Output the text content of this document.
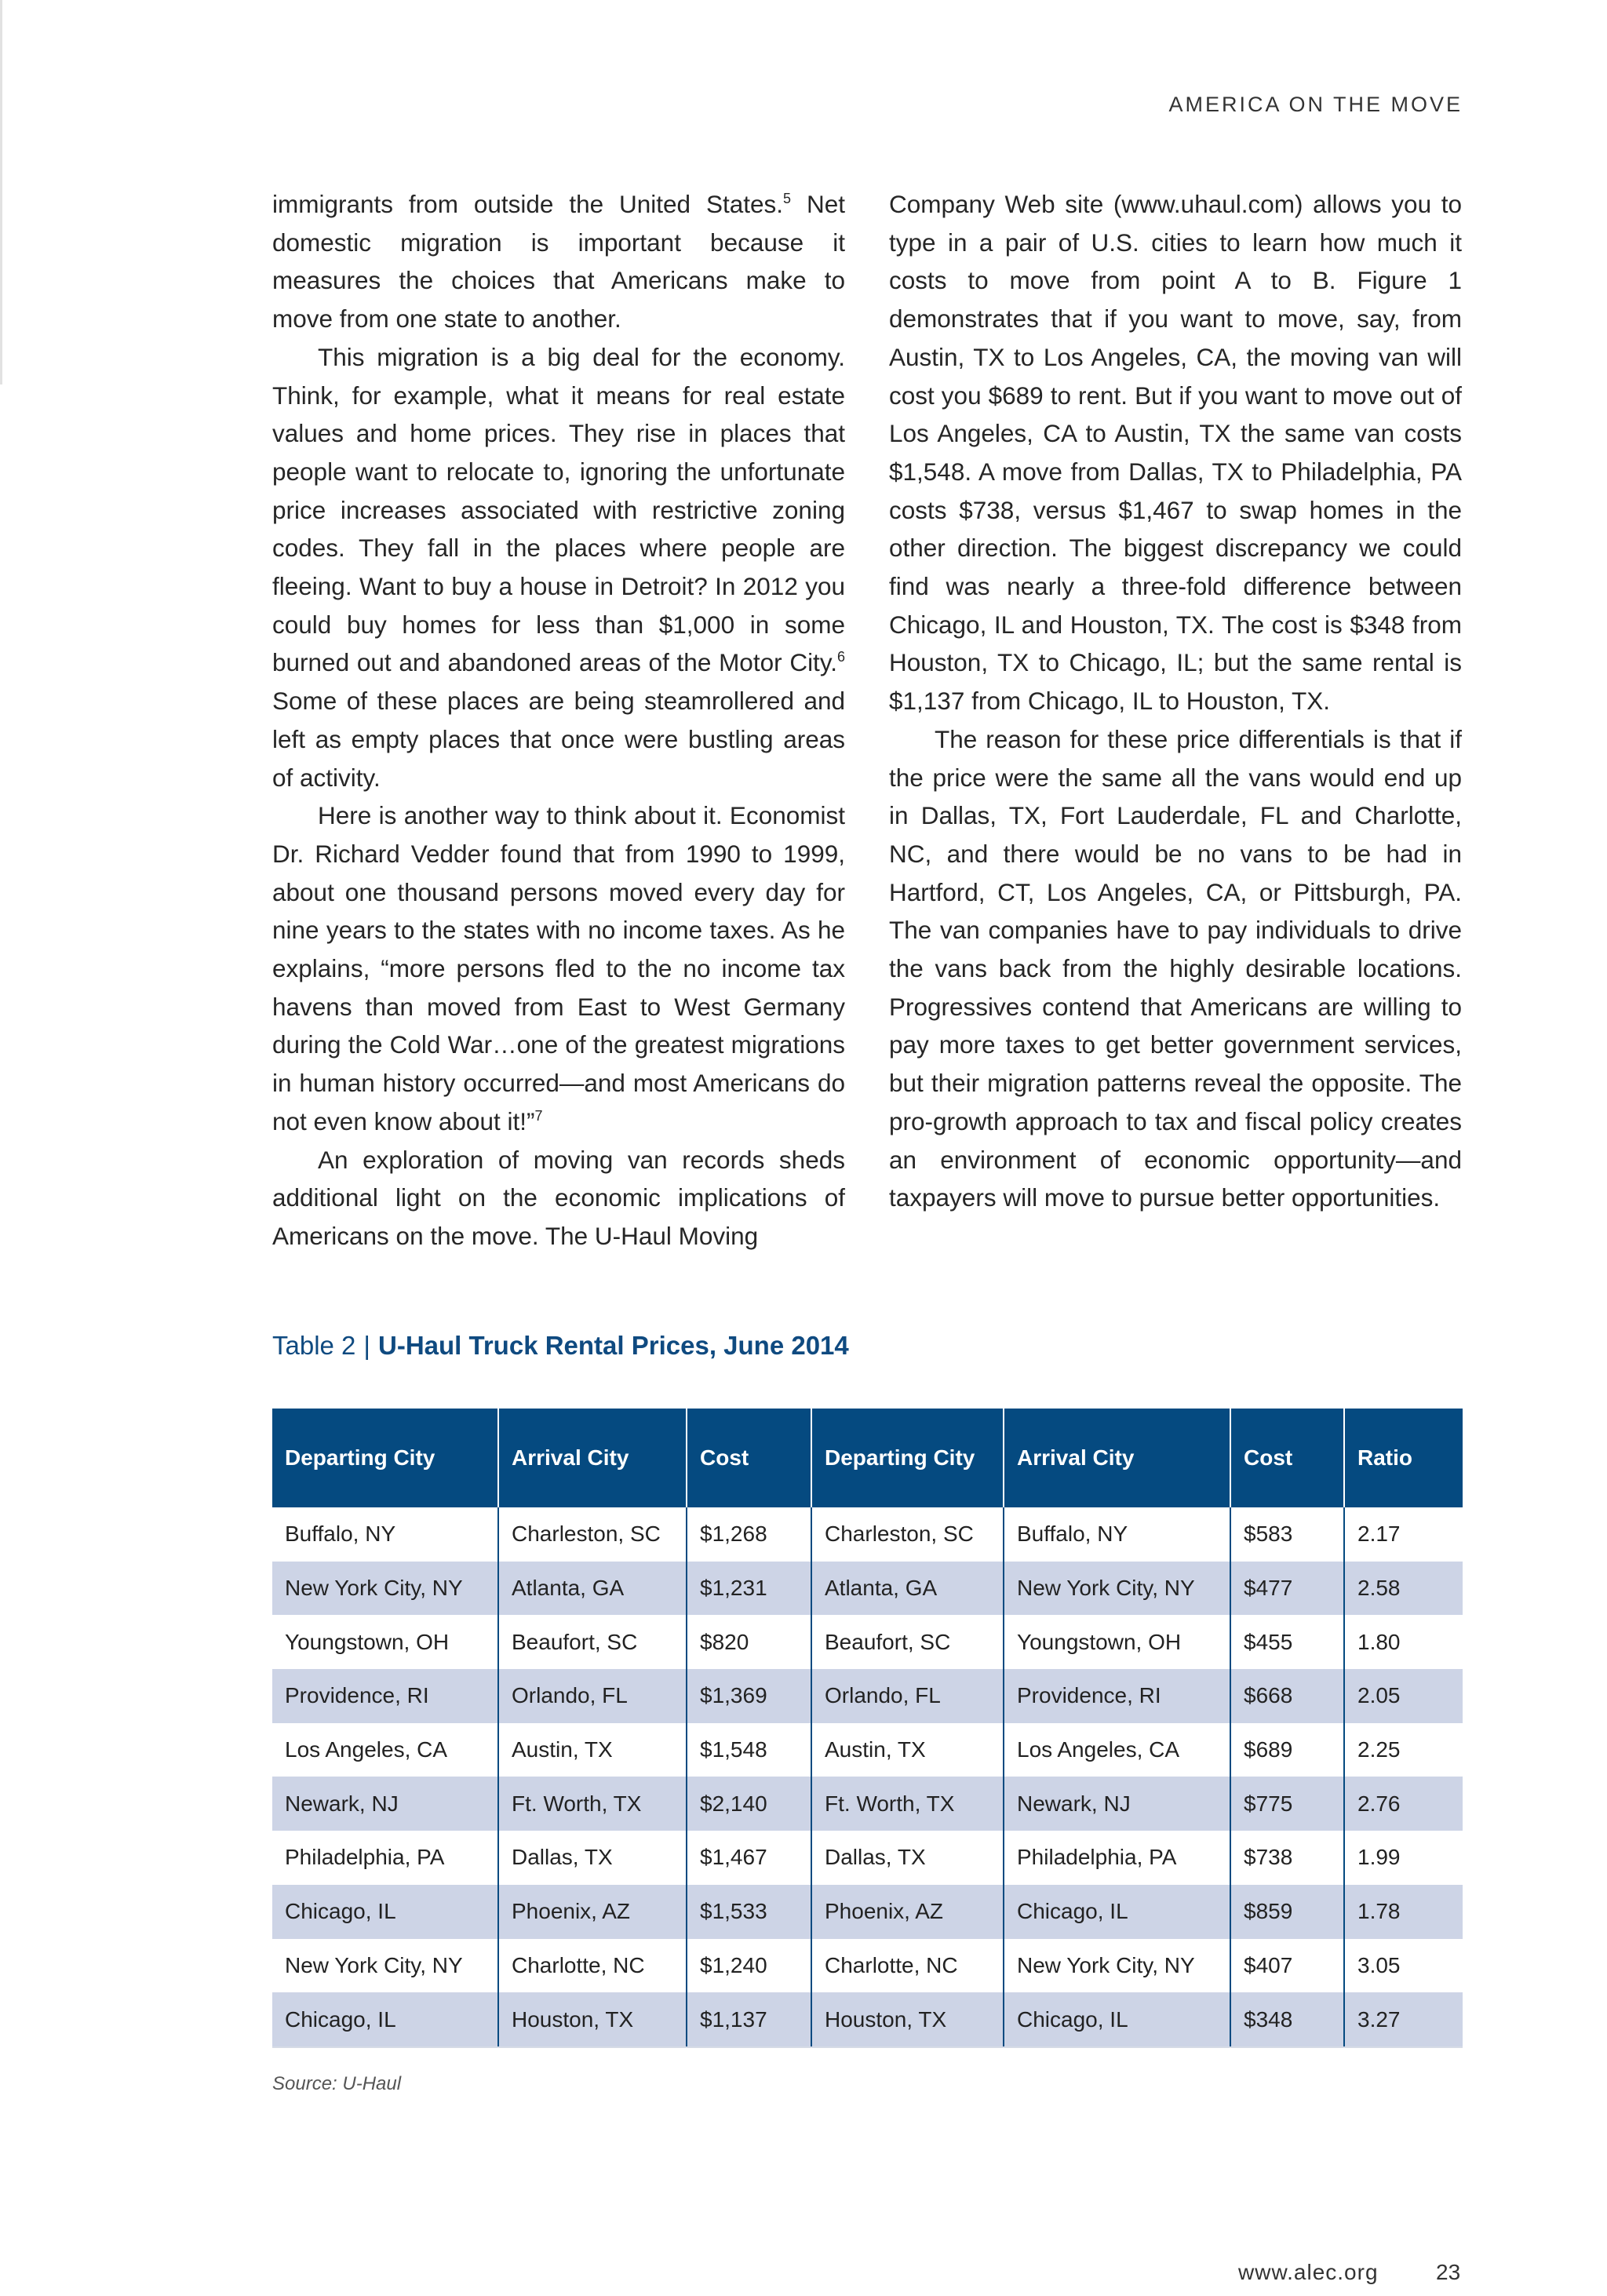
AMERICA ON THE MOVE

immigrants from outside the United States.$^5$ Net domestic migration is important because it measures the choices that Americans make to move from one state to another.

This migration is a big deal for the economy. Think, for example, what it means for real estate values and home prices. They rise in places that people want to relocate to, ignoring the unfortunate price increases associated with restrictive zoning codes. They fall in the places where people are fleeing. Want to buy a house in Detroit? In 2012 you could buy homes for less than $1,000 in some burned out and abandoned areas of the Motor City.$^6$ Some of these places are being steamrollered and left as empty places that once were bustling areas of activity.

Here is another way to think about it. Economist Dr. Richard Vedder found that from 1990 to 1999, about one thousand persons moved every day for nine years to the states with no income taxes. As he explains, “more persons fled to the no income tax havens than moved from East to West Germany during the Cold War…one of the greatest migrations in human history occurred—and most Americans do not even know about it!”$^7$

An exploration of moving van records sheds additional light on the economic implications of Americans on the move. The U-Haul Moving

Company Web site (www.uhaul.com) allows you to type in a pair of U.S. cities to learn how much it costs to move from point A to B. Figure 1 demonstrates that if you want to move, say, from Austin, TX to Los Angeles, CA, the moving van will cost you $689 to rent. But if you want to move out of Los Angeles, CA to Austin, TX the same van costs $1,548. A move from Dallas, TX to Philadelphia, PA costs $738, versus $1,467 to swap homes in the other direction. The biggest discrepancy we could find was nearly a three-fold difference between Chicago, IL and Houston, TX. The cost is $348 from Houston, TX to Chicago, IL; but the same rental is $1,137 from Chicago, IL to Houston, TX.

The reason for these price differentials is that if the price were the same all the vans would end up in Dallas, TX, Fort Lauderdale, FL and Charlotte, NC, and there would be no vans to be had in Hartford, CT, Los Angeles, CA, or Pittsburgh, PA. The van companies have to pay individuals to drive the vans back from the highly desirable locations. Progressives contend that Americans are willing to pay more taxes to get better government services, but their migration patterns reveal the opposite. The pro-growth approach to tax and fiscal policy creates an environment of economic opportunity—and taxpayers will move to pursue better opportunities.

Table 2 | U-Haul Truck Rental Prices, June 2014
Departing City	Arrival City	Cost	Departing City	Arrival City	Cost	Ratio
Buffalo, NY	Charleston, SC	$1,268	Charleston, SC	Buffalo, NY	$583	2.17
New York City, NY	Atlanta, GA	$1,231	Atlanta, GA	New York City, NY	$477	2.58
Youngstown, OH	Beaufort, SC	$820	Beaufort, SC	Youngstown, OH	$455	1.80
Providence, RI	Orlando, FL	$1,369	Orlando, FL	Providence, RI	$668	2.05
Los Angeles, CA	Austin, TX	$1,548	Austin, TX	Los Angeles, CA	$689	2.25
Newark, NJ	Ft. Worth, TX	$2,140	Ft. Worth, TX	Newark, NJ	$775	2.76
Philadelphia, PA	Dallas, TX	$1,467	Dallas, TX	Philadelphia, PA	$738	1.99
Chicago, IL	Phoenix, AZ	$1,533	Phoenix, AZ	Chicago, IL	$859	1.78
New York City, NY	Charlotte, NC	$1,240	Charlotte, NC	New York City, NY	$407	3.05
Chicago, IL	Houston, TX	$1,137	Houston, TX	Chicago, IL	$348	3.27
Source: U-Haul
www.alec.org	23
